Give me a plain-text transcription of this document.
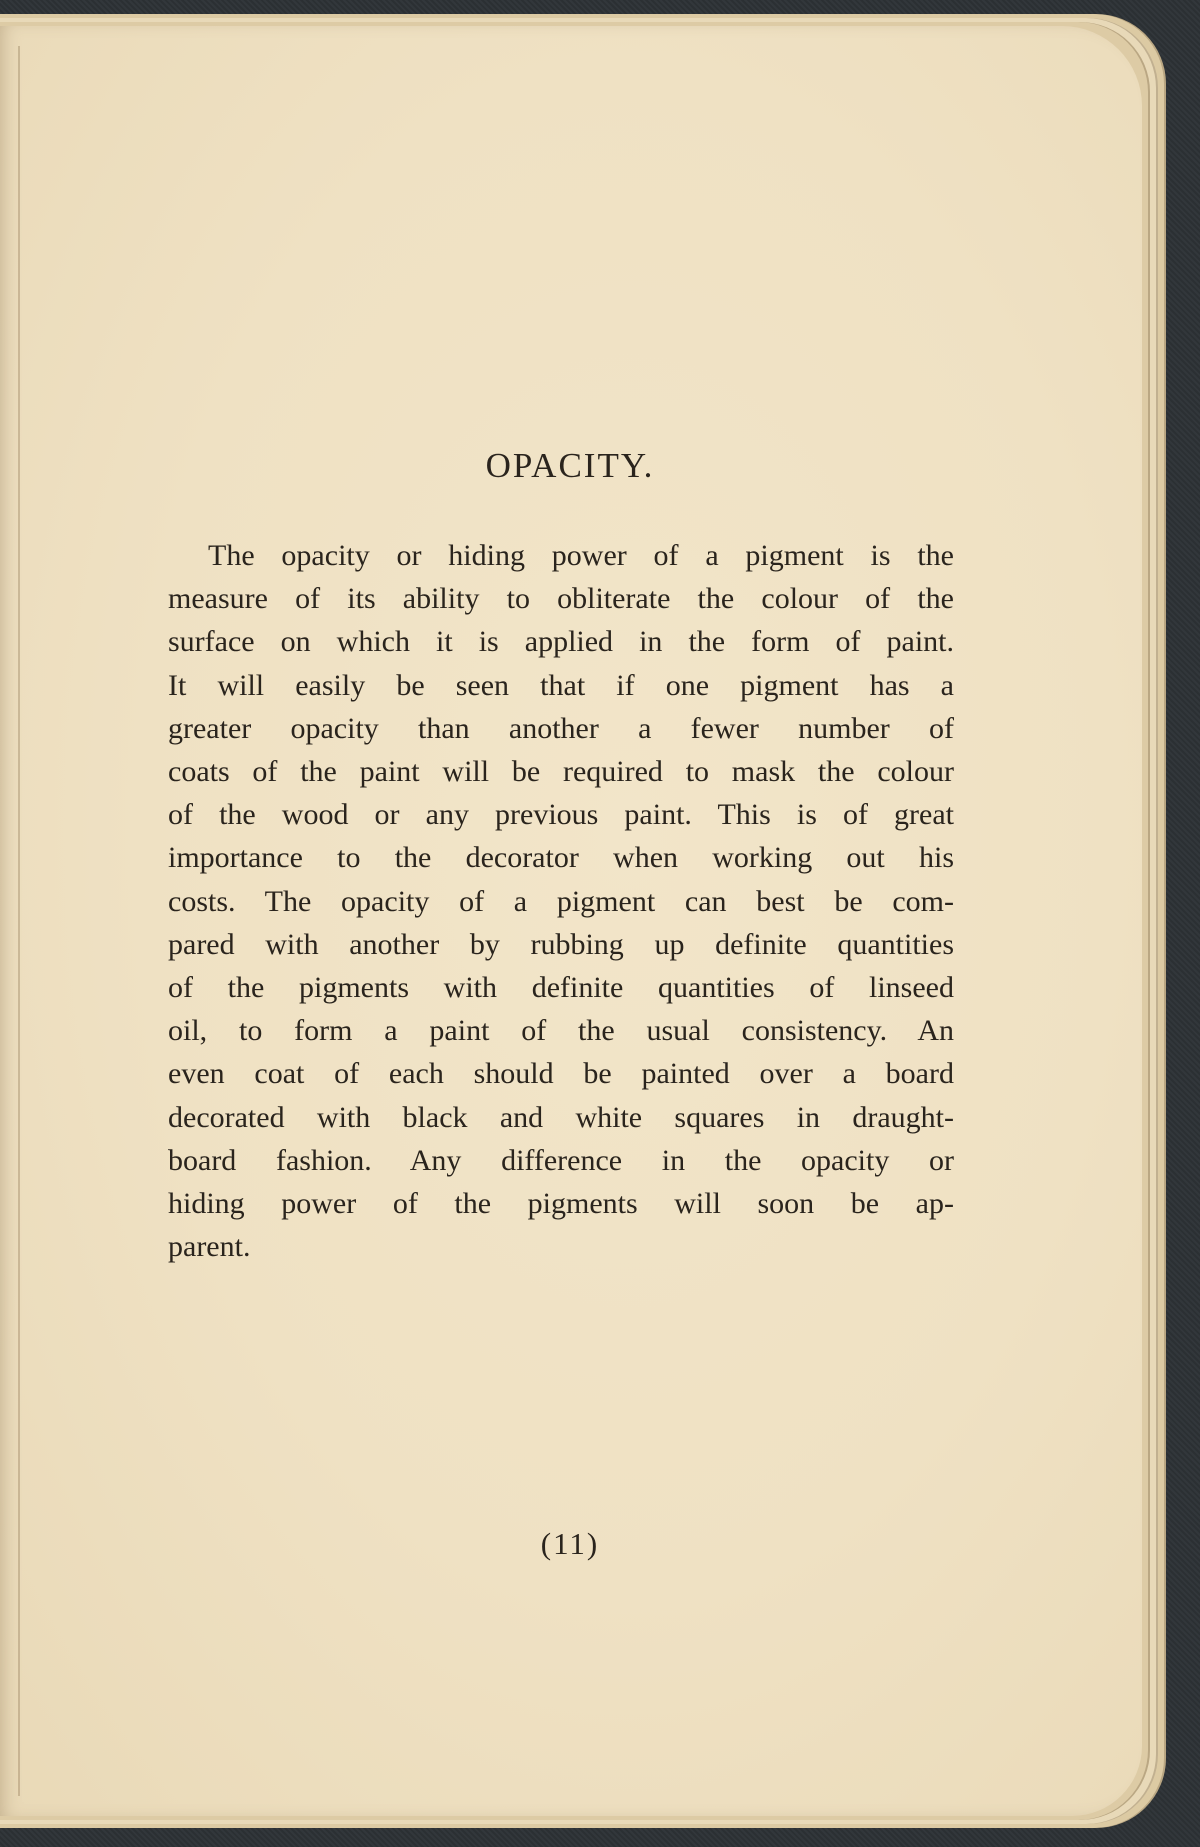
OPACITY.

The opacity or hiding power of a pigment is the
measure of its ability to obliterate the colour of the
surface on which it is applied in the form of paint.
It will easily be seen that if one pigment has a
greater opacity than another a fewer number of
coats of the paint will be required to mask the colour
of the wood or any previous paint. This is of great
importance to the decorator when working out his
costs. The opacity of a pigment can best be com-
pared with another by rubbing up definite quantities
of the pigments with definite quantities of linseed
oil, to form a paint of the usual consistency. An
even coat of each should be painted over a board
decorated with black and white squares in draught-
board fashion. Any difference in the opacity or
hiding power of the pigments will soon be ap-
parent.

(11)
